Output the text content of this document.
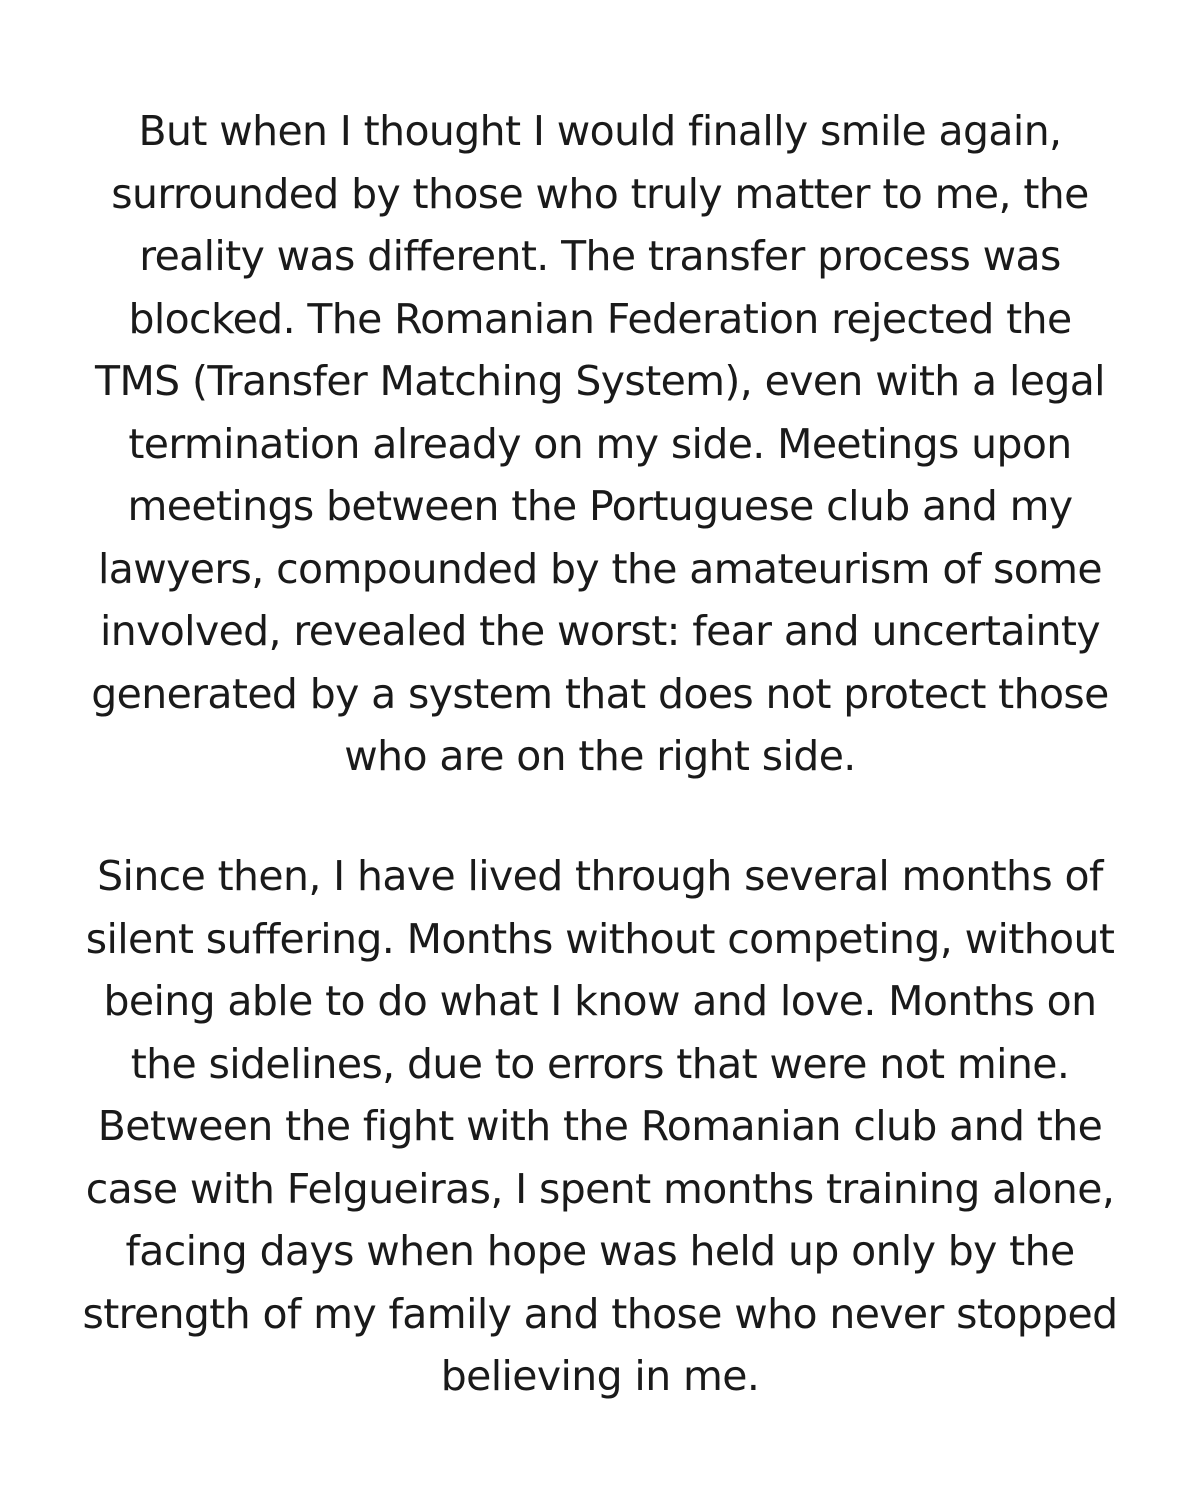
But when I thought I would finally smile again,
surrounded by those who truly matter to me, the
reality was different. The transfer process was
blocked. The Romanian Federation rejected the
TMS (Transfer Matching System), even with a legal
termination already on my side. Meetings upon
meetings between the Portuguese club and my
lawyers, compounded by the amateurism of some
involved, revealed the worst: fear and uncertainty
generated by a system that does not protect those
who are on the right side.

Since then, I have lived through several months of
silent suffering. Months without competing, without
being able to do what I know and love. Months on
the sidelines, due to errors that were not mine.
Between the fight with the Romanian club and the
case with Felgueiras, I spent months training alone,
facing days when hope was held up only by the
strength of my family and those who never stopped
believing in me.
